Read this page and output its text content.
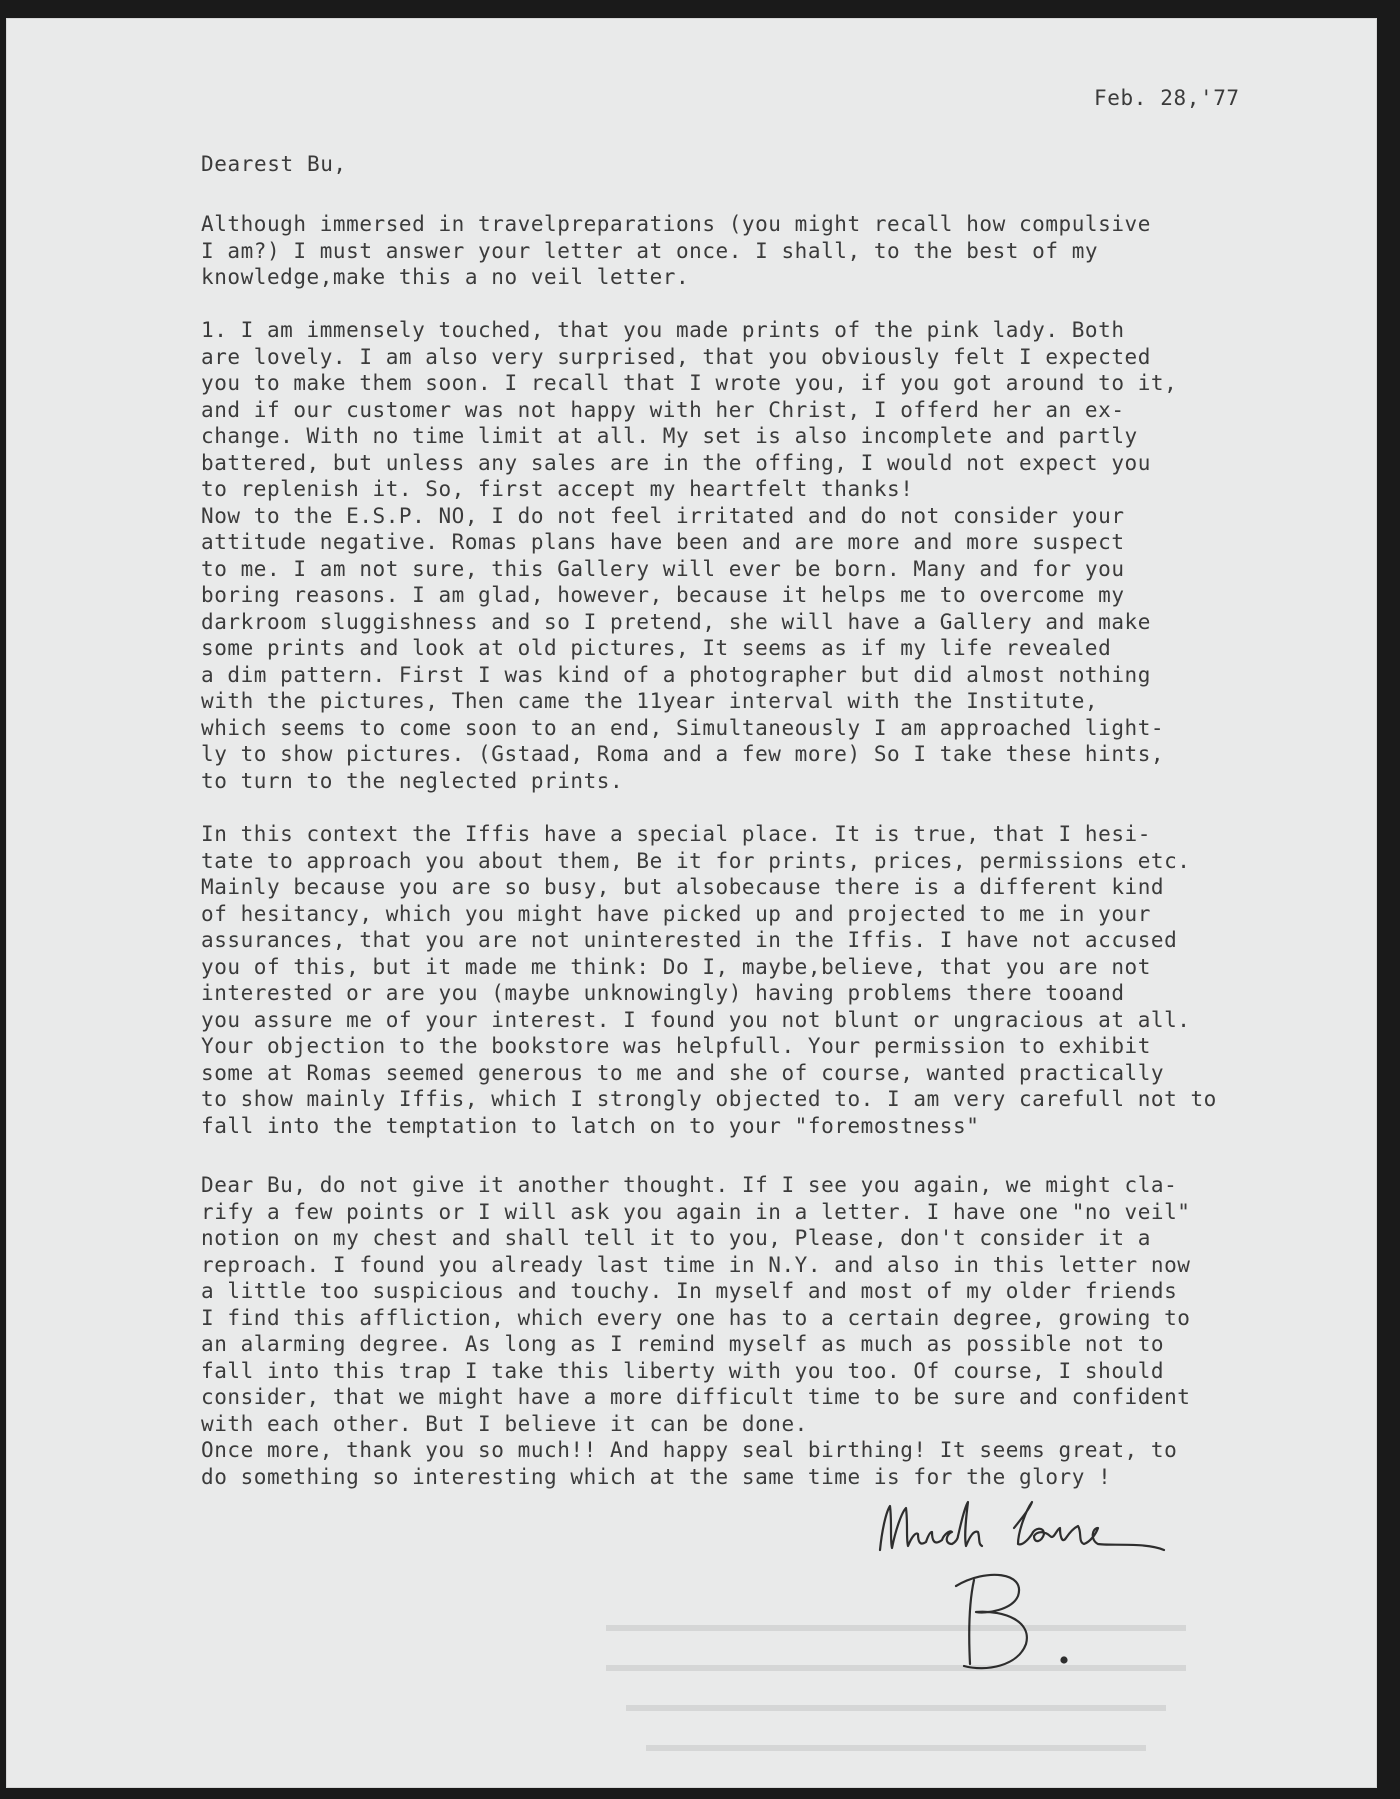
Feb. 28,'77
Dearest Bu,
Although immersed in travelpreparations (you might recall how compulsive
I am?) I must answer your letter at once. I shall, to the best of my
knowledge,make this a no veil letter.
1. I am immensely touched, that you made prints of the pink lady. Both
are lovely. I am also very surprised, that you obviously felt I expected
you to make them soon. I recall that I wrote you, if you got around to it,
and if our customer was not happy with her Christ, I offerd her an ex-
change. With no time limit at all. My set is also incomplete and partly
battered, but unless any sales are in the offing, I would not expect you
to replenish it. So, first accept my heartfelt thanks!
Now to the E.S.P. NO, I do not feel irritated and do not consider your
attitude negative. Romas plans have been and are more and more suspect
to me. I am not sure, this Gallery will ever be born. Many and for you
boring reasons. I am glad, however, because it helps me to overcome my
darkroom sluggishness and so I pretend, she will have a Gallery and make
some prints and look at old pictures, It seems as if my life revealed
a dim pattern. First I was kind of a photographer but did almost nothing
with the pictures, Then came the 11year interval with the Institute,
which seems to come soon to an end, Simultaneously I am approached light-
ly to show pictures. (Gstaad, Roma and a few more) So I take these hints,
to turn to the neglected prints.
In this context the Iffis have a special place. It is true, that I hesi-
tate to approach you about them, Be it for prints, prices, permissions etc.
Mainly because you are so busy, but alsobecause there is a different kind
of hesitancy, which you might have picked up and projected to me in your
assurances, that you are not uninterested in the Iffis. I have not accused
you of this, but it made me think: Do I, maybe,believe, that you are not
interested or are you (maybe unknowingly) having problems there tooand
you assure me of your interest. I found you not blunt or ungracious at all.
Your objection to the bookstore was helpfull. Your permission to exhibit
some at Romas seemed generous to me and she of course, wanted practically
to show mainly Iffis, which I strongly objected to. I am very carefull not to
fall into the temptation to latch on to your "foremostness"
Dear Bu, do not give it another thought. If I see you again, we might cla-
rify a few points or I will ask you again in a letter. I have one "no veil"
notion on my chest and shall tell it to you, Please, don't consider it a
reproach. I found you already last time in N.Y. and also in this letter now
a little too suspicious and touchy. In myself and most of my older friends
I find this affliction, which every one has to a certain degree, growing to
an alarming degree. As long as I remind myself as much as possible not to
fall into this trap I take this liberty with you too. Of course, I should
consider, that we might have a more difficult time to be sure and confident
with each other. But I believe it can be done.
Once more, thank you so much!! And happy seal birthing! It seems great, to
do something so interesting which at the same time is for the glory !
